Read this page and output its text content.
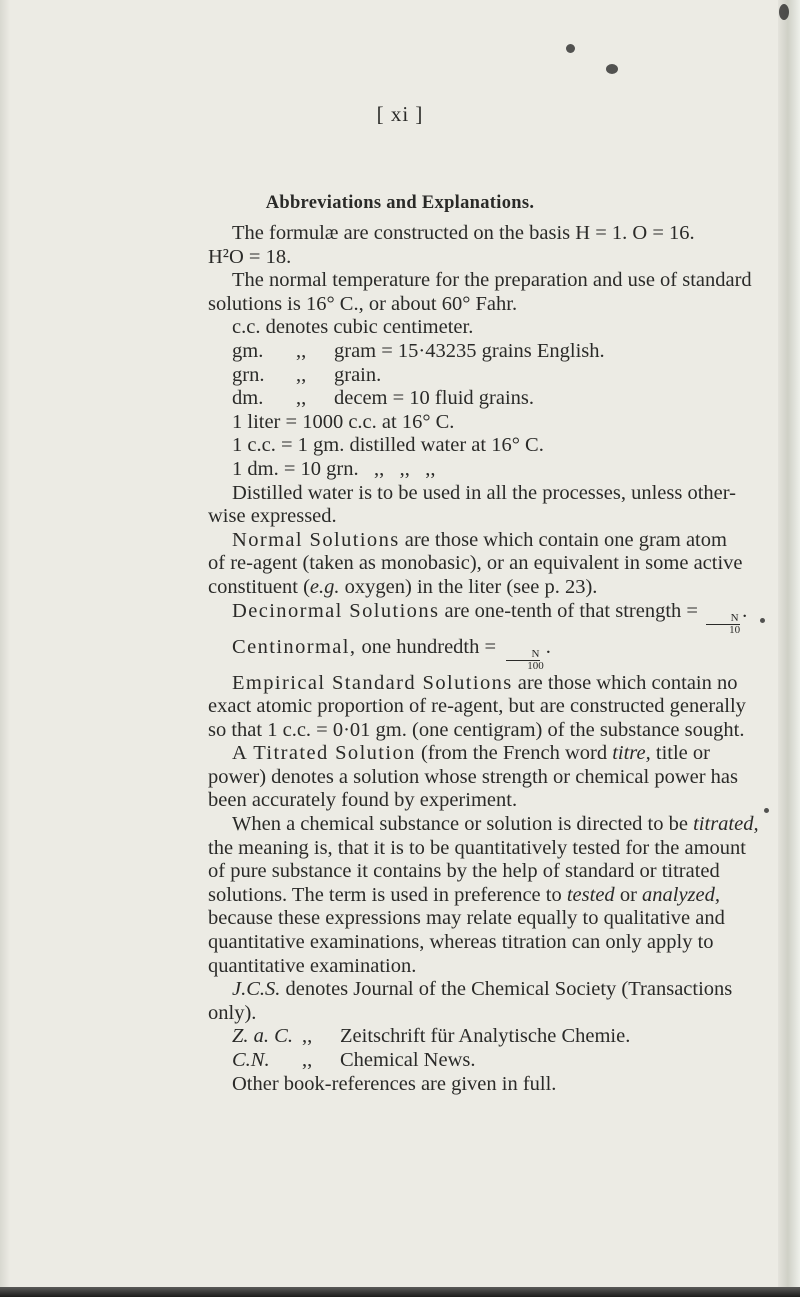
[ xi ]
Abbreviations and Explanations.

The formulæ are constructed on the basis H = 1. O = 16.

H²O = 18.

The normal temperature for the preparation and use of standard

solutions is 16° C., or about 60° Fahr.

c.c. denotes cubic centimeter.

gm.	,,	gram = 15·43235 grains English.
grn.	,,	grain.
dm.	,,	decem = 10 fluid grains.

1 liter = 1000 c.c. at 16° C.

1 c.c. = 1 gm. distilled water at 16° C.

1 dm. = 10 grn.   ,,   ,,   ,,

Distilled water is to be used in all the processes, unless other-

wise expressed.

Normal Solutions are those which contain one gram atom

of re-agent (taken as monobasic), or an equivalent in some active

constituent (e.g. oxygen) in the liter (see p. 23).

Decinormal Solutions are one-tenth of that strength =
$\frac{N}{10}$
.

Centinormal, one hundredth =
$\frac{N}{100}$
.

Empirical Standard Solutions are those which contain no

exact atomic proportion of re-agent, but are constructed generally

so that 1 c.c. = 0·01 gm. (one centigram) of the substance sought.

A Titrated Solution (from the French word titre, title or

power) denotes a solution whose strength or chemical power has

been accurately found by experiment.

When a chemical substance or solution is directed to be titrated,

the meaning is, that it is to be quantitatively tested for the amount

of pure substance it contains by the help of standard or titrated

solutions. The term is used in preference to tested or analyzed,

because these expressions may relate equally to qualitative and

quantitative examinations, whereas titration can only apply to

quantitative examination.

J.C.S. denotes Journal of the Chemical Society (Transactions

only).

Z. a. C. ,,	Zeitschrift für Analytische Chemie.
C.N.	,,	Chemical News.

Other book-references are given in full.
